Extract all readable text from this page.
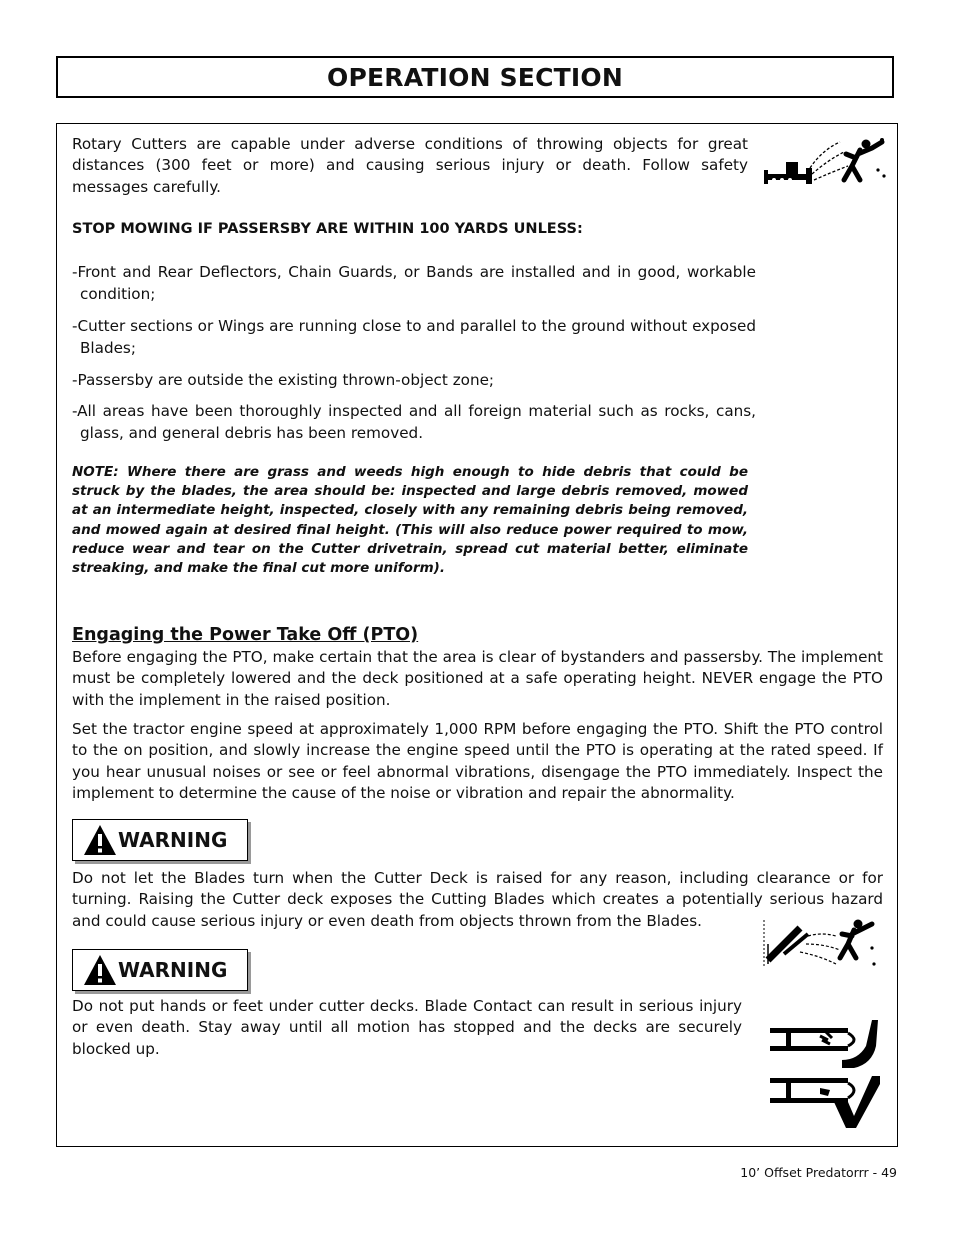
OPERATION SECTION

Rotary Cutters are capable under adverse conditions of throwing objects for great distances (300 feet or more) and causing serious injury or death. Follow safety messages carefully.

STOP MOWING IF PASSERSBY ARE WITHIN 100 YARDS UNLESS:

-Front and Rear Deflectors, Chain Guards, or Bands are installed and in good, workable condition;

-Cutter sections or Wings are running close to and parallel to the ground without exposed Blades;

-Passersby are outside the existing thrown-object zone;

-All areas have been thoroughly inspected and all foreign material such as rocks, cans, glass, and general debris has been removed.

NOTE: Where there are grass and weeds high enough to hide debris that could be struck by the blades, the area should be: inspected and large debris removed, mowed at an intermediate height, inspected, closely with any remaining debris being removed, and mowed again at desired final height. (This will also reduce power required to mow, reduce wear and tear on the Cutter drivetrain, spread cut material better, eliminate streaking, and make the final cut more uniform).

Engaging the Power Take Off (PTO)

Before engaging the PTO, make certain that the area is clear of bystanders and passersby. The implement must be completely lowered and the deck positioned at a safe operating height. NEVER engage the PTO with the implement in the raised position.

Set the tractor engine speed at approximately 1,000 RPM before engaging the PTO. Shift the PTO control to the on position, and slowly increase the engine speed until the PTO is operating at the rated speed. If you hear unusual noises or see or feel abnormal vibrations, disengage the PTO immediately. Inspect the implement to determine the cause of the noise or vibration and repair the abnormality.

WARNING

Do not let the Blades turn when the Cutter Deck is raised for any reason, including clearance or for turning. Raising the Cutter deck exposes the Cutting Blades which creates a potentially serious hazard and could cause serious injury or even death from objects thrown from the Blades.

WARNING

Do not put hands or feet under cutter decks. Blade Contact can result in serious injury or even death. Stay away until all motion has stopped and the decks are securely blocked up.

10’ Offset Predatorrr - 49
